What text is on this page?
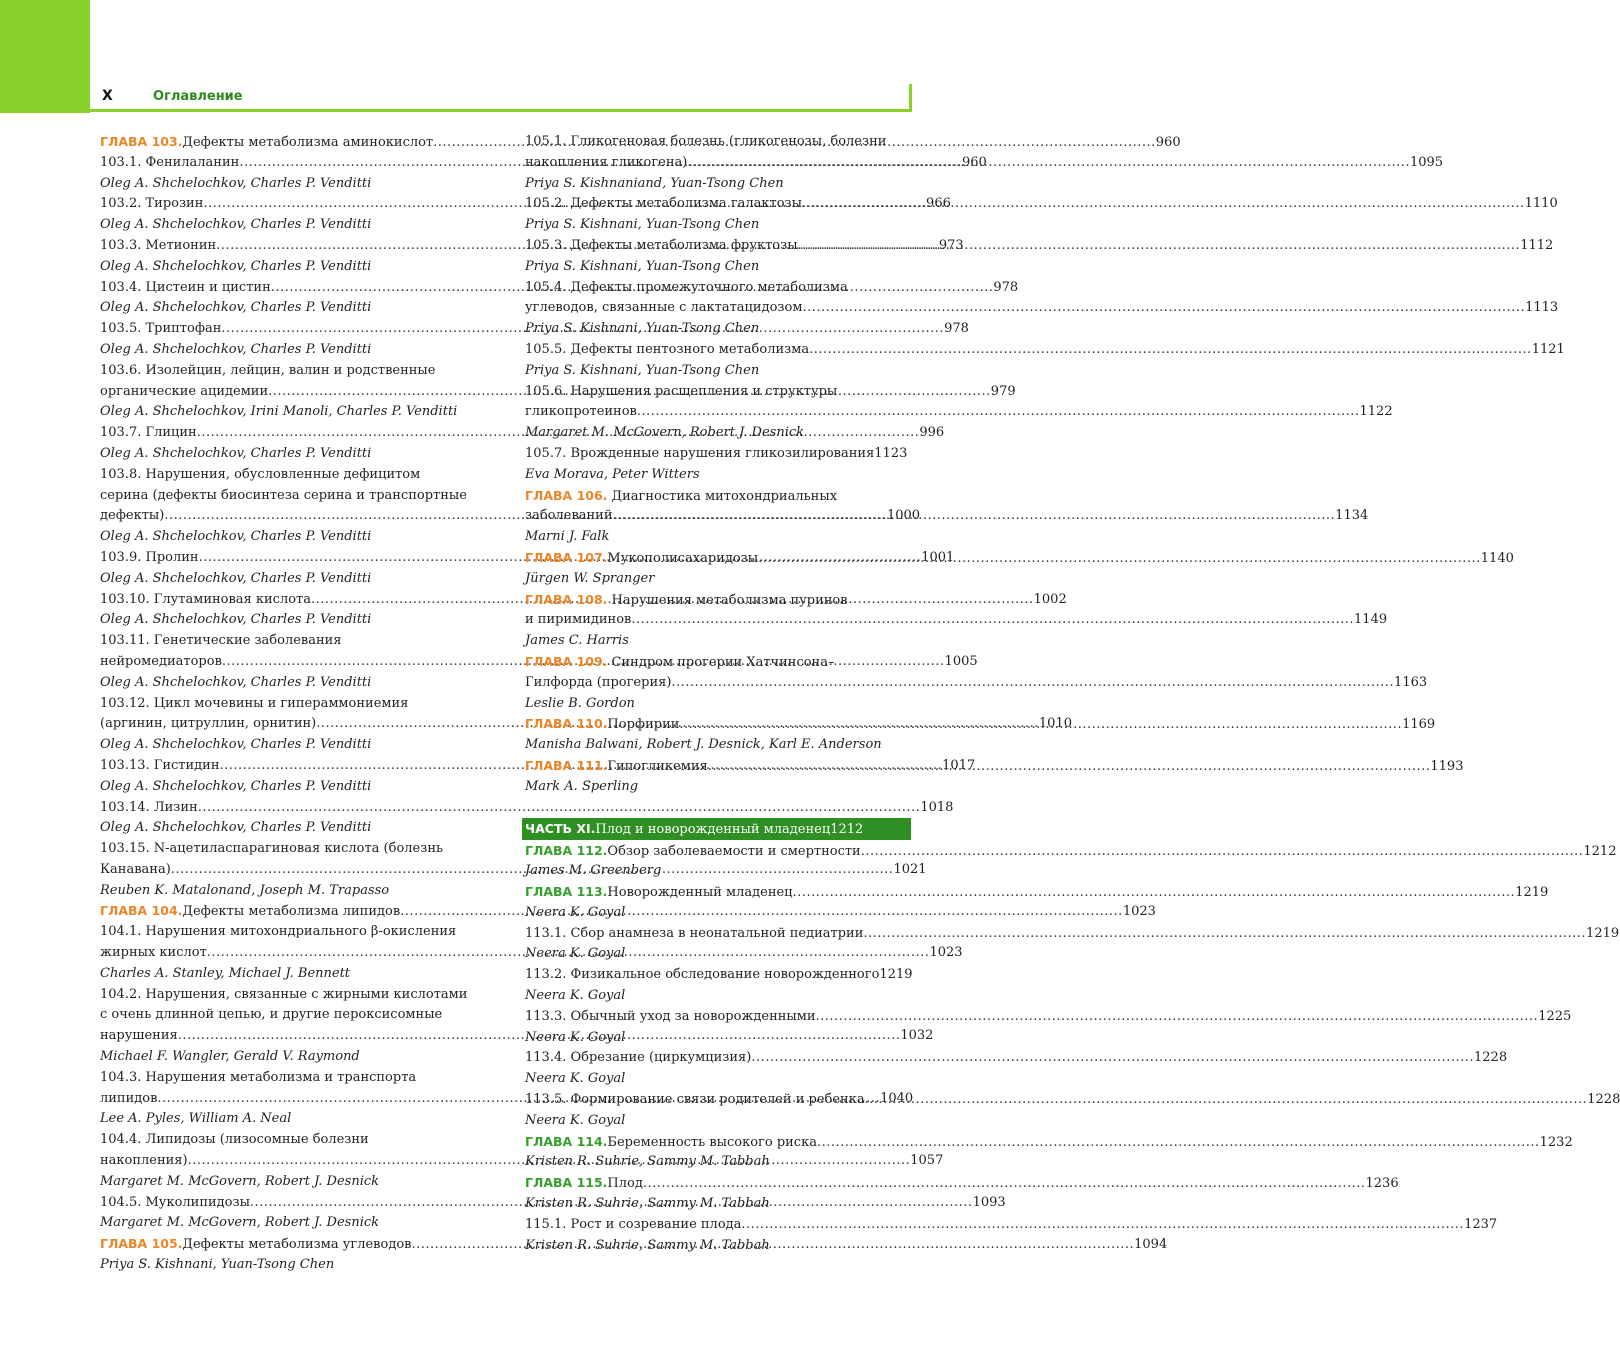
X	Оглавление
ГЛАВА 103. Дефекты метаболизма аминокислот .....	960
103.1. Фенилаланин .....	960
Oleg A. Shchelochkov, Charles P. Venditti
103.2. Тирозин .....	966
Oleg A. Shchelochkov, Charles P. Venditti
103.3. Метионин .....	973
Oleg A. Shchelochkov, Charles P. Venditti
103.4. Цистеин и цистин .....	978
Oleg A. Shchelochkov, Charles P. Venditti
103.5. Триптофан .....	978
Oleg A. Shchelochkov, Charles P. Venditti
103.6. Изолейцин, лейцин, валин и родственные
органические ацидемии .....	979
Oleg A. Shchelochkov, Irini Manoli, Charles P. Venditti
103.7. Глицин .....	996
Oleg A. Shchelochkov, Charles P. Venditti
103.8. Нарушения, обусловленные дефицитом
серина (дефекты биосинтеза серина и транспортные
дефекты) .....	1000
Oleg A. Shchelochkov, Charles P. Venditti
103.9. Пролин .....	1001
Oleg A. Shchelochkov, Charles P. Venditti
103.10. Глутаминовая кислота .....	1002
Oleg A. Shchelochkov, Charles P. Venditti
103.11. Генетические заболевания
нейромедиаторов .....	1005
Oleg A. Shchelochkov, Charles P. Venditti
103.12. Цикл мочевины и гипераммониемия
(аргинин, цитруллин, орнитин) .....	1010
Oleg A. Shchelochkov, Charles P. Venditti
103.13. Гистидин .....	1017
Oleg A. Shchelochkov, Charles P. Venditti
103.14. Лизин .....	1018
Oleg A. Shchelochkov, Charles P. Venditti
103.15. N-ацетиласпарагиновая кислота (болезнь
Канавана) .....	1021
Reuben K. Matalonand, Joseph M. Trapasso
ГЛАВА 104. Дефекты метаболизма липидов .....	1023
104.1. Нарушения митохондриального β-окисления
жирных кислот .....	1023
Charles A. Stanley, Michael J. Bennett
104.2. Нарушения, связанные с жирными кислотами
с очень длинной цепью, и другие пероксисомные
нарушения .....	1032
Michael F. Wangler, Gerald V. Raymond
104.3. Нарушения метаболизма и транспорта
липидов .....	1040
Lee A. Pyles, William A. Neal
104.4. Липидозы (лизосомные болезни
накопления) .....	1057
Margaret M. McGovern, Robert J. Desnick
104.5. Муколипидозы .....	1093
Margaret M. McGovern, Robert J. Desnick
ГЛАВА 105. Дефекты метаболизма углеводов .....	1094
Priya S. Kishnani, Yuan-Tsong Chen
105.1. Гликогеновая болезнь (гликогенозы, болезни
накопления гликогена) .....	1095
Priya S. Kishnaniand, Yuan-Tsong Chen
105.2. Дефекты метаболизма галактозы .....	1110
Priya S. Kishnani, Yuan-Tsong Chen
105.3. Дефекты метаболизма фруктозы .....	1112
Priya S. Kishnani, Yuan-Tsong Chen
105.4. Дефекты промежуточного метаболизма
углеводов, связанные с лактатацидозом .....	1113
Priya S. Kishnani, Yuan-Tsong Chen
105.5. Дефекты пентозного метаболизма .....	1121
Priya S. Kishnani, Yuan-Tsong Chen
105.6. Нарушения расщепления и структуры
гликопротеинов .....	1122
Margaret M. McGovern, Robert J. Desnick
105.7. Врожденные нарушения гликозилирования 1123
Eva Morava, Peter Witters
ГЛАВА 106. Диагностика митохондриальных
заболеваний .....	1134
Marni J. Falk
ГЛАВА 107. Мукополисахаридозы .....	1140
Jürgen W. Spranger
ГЛАВА 108. Нарушения метаболизма пуринов
и пиримидинов .....	1149
James C. Harris
ГЛАВА 109. Синдром прогерии Хатчинсона–
Гилфорда (прогерия) .....	1163
Leslie B. Gordon
ГЛАВА 110. Порфирии .....	1169
Manisha Balwani, Robert J. Desnick, Karl E. Anderson
ГЛАВА 111. Гипогликемия .....	1193
Mark A. Sperling
ЧАСТЬ XI. Плод и новорожденный младенец 1212
ГЛАВА 112. Обзор заболеваемости и смертности .....	1212
James M. Greenberg
ГЛАВА 113. Новорожденный младенец .....	1219
Neera K. Goyal
113.1. Сбор анамнеза в неонатальной педиатрии .....	1219
Neera K. Goyal
113.2. Физикальное обследование новорожденного 1219
Neera K. Goyal
113.3. Обычный уход за новорожденными .....	1225
Neera K. Goyal
113.4. Обрезание (циркумцизия) .....	1228
Neera K. Goyal
113.5. Формирование связи родителей и ребенка .....	1228
Neera K. Goyal
ГЛАВА 114. Беременность высокого риска .....	1232
Kristen R. Suhrie, Sammy M. Tabbah
ГЛАВА 115. Плод .....	1236
Kristen R. Suhrie, Sammy M. Tabbah
115.1. Рост и созревание плода .....	1237
Kristen R. Suhrie, Sammy M. Tabbah
